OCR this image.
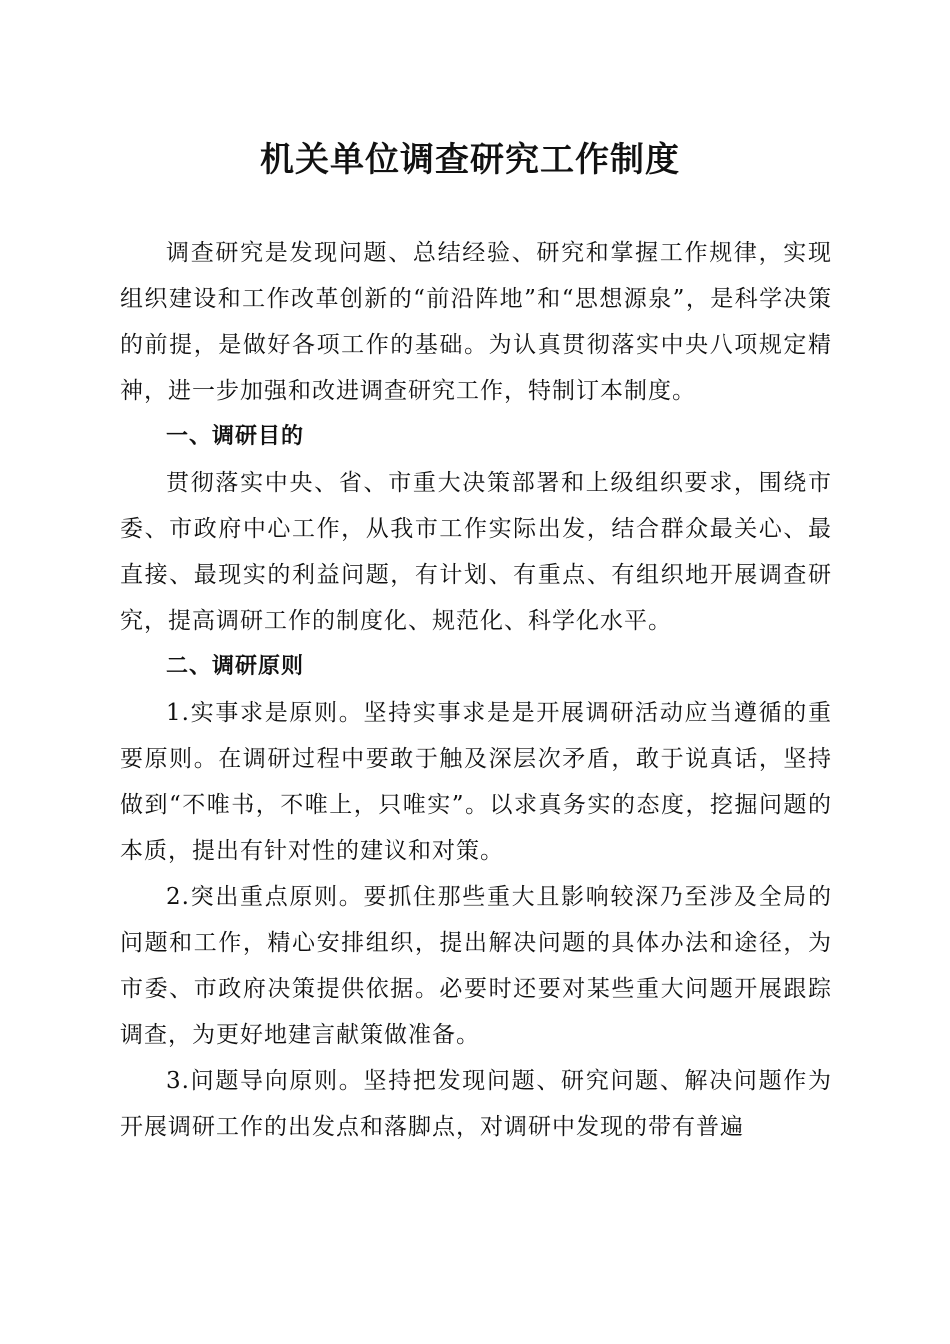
机关单位调查研究工作制度

调查研究是发现问题、总结经验、研究和掌握工作规律，实现组织建设和工作改革创新的“前沿阵地”和“思想源泉”，是科学决策的前提，是做好各项工作的基础。为认真贯彻落实中央八项规定精神，进一步加强和改进调查研究工作，特制订本制度。

一、调研目的

贯彻落实中央、省、市重大决策部署和上级组织要求，围绕市委、市政府中心工作，从我市工作实际出发，结合群众最关心、最直接、最现实的利益问题，有计划、有重点、有组织地开展调查研究，提高调研工作的制度化、规范化、科学化水平。

二、调研原则

1.实事求是原则。坚持实事求是是开展调研活动应当遵循的重要原则。在调研过程中要敢于触及深层次矛盾，敢于说真话，坚持做到“不唯书，不唯上，只唯实”。以求真务实的态度，挖掘问题的本质，提出有针对性的建议和对策。

2.突出重点原则。要抓住那些重大且影响较深乃至涉及全局的问题和工作，精心安排组织，提出解决问题的具体办法和途径，为市委、市政府决策提供依据。必要时还要对某些重大问题开展跟踪调查，为更好地建言献策做准备。

3.问题导向原则。坚持把发现问题、研究问题、解决问题作为开展调研工作的出发点和落脚点，对调研中发现的带有普遍
